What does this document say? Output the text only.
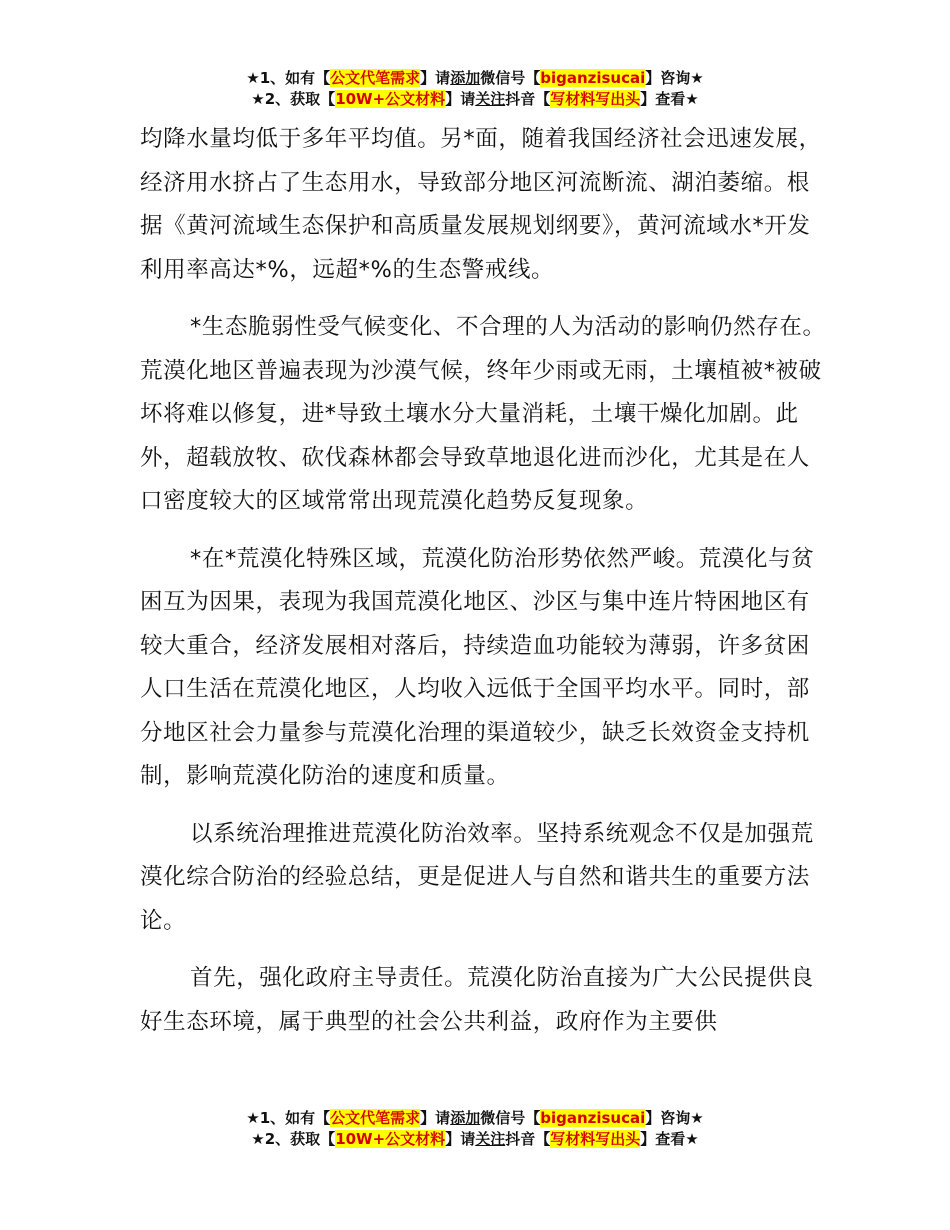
★1、如有【公文代笔需求】请添加微信号【biganzisucai】咨询★
★2、获取【10W+公文材料】请关注抖音【写材料写出头】查看★

均降水量均低于多年平均值。另*面，随着我国经济社会迅速发展，经济用水挤占了生态用水，导致部分地区河流断流、湖泊萎缩。根据《黄河流域生态保护和高质量发展规划纲要》，黄河流域水*开发利用率高达*%，远超*%的生态警戒线。

*生态脆弱性受气候变化、不合理的人为活动的影响仍然存在。荒漠化地区普遍表现为沙漠气候，终年少雨或无雨，土壤植被*被破坏将难以修复，进*导致土壤水分大量消耗，土壤干燥化加剧。此外，超载放牧、砍伐森林都会导致草地退化进而沙化，尤其是在人口密度较大的区域常常出现荒漠化趋势反复现象。

*在*荒漠化特殊区域，荒漠化防治形势依然严峻。荒漠化与贫困互为因果，表现为我国荒漠化地区、沙区与集中连片特困地区有较大重合，经济发展相对落后，持续造血功能较为薄弱，许多贫困人口生活在荒漠化地区，人均收入远低于全国平均水平。同时，部分地区社会力量参与荒漠化治理的渠道较少，缺乏长效资金支持机制，影响荒漠化防治的速度和质量。

以系统治理推进荒漠化防治效率。坚持系统观念不仅是加强荒漠化综合防治的经验总结，更是促进人与自然和谐共生的重要方法论。

首先，强化政府主导责任。荒漠化防治直接为广大公民提供良好生态环境，属于典型的社会公共利益，政府作为主要供

★1、如有【公文代笔需求】请添加微信号【biganzisucai】咨询★
★2、获取【10W+公文材料】请关注抖音【写材料写出头】查看★
